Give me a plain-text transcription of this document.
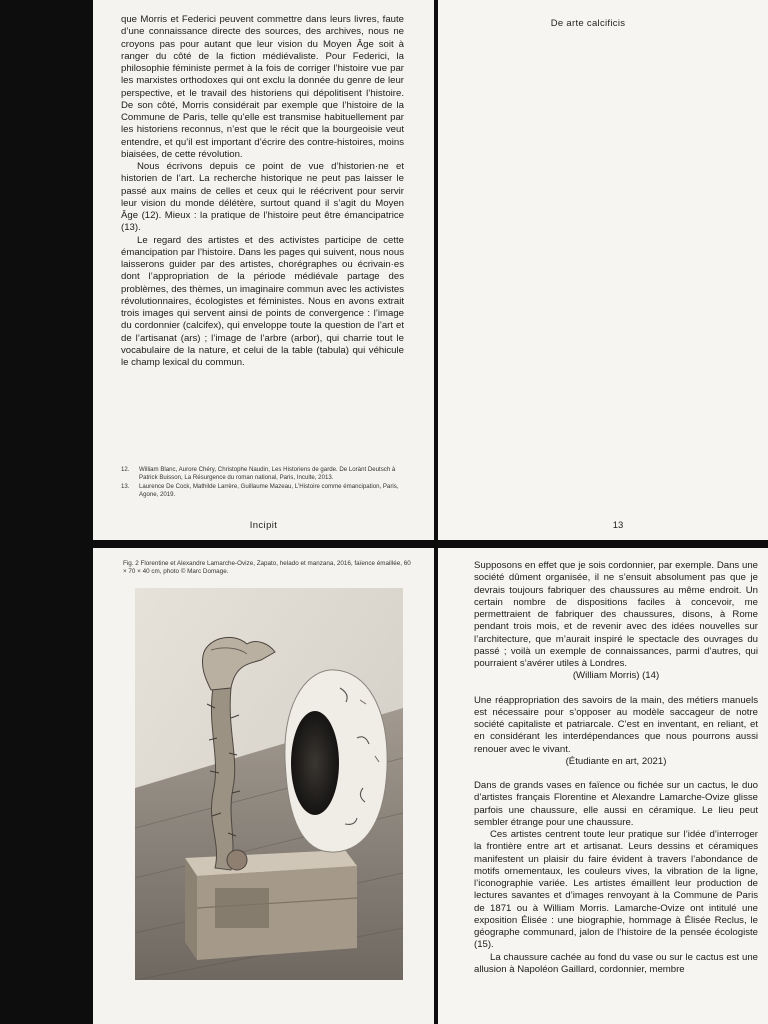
que Morris et Federici peuvent commettre dans leurs livres, faute d’une connaissance directe des sources, des archives, nous ne croyons pas pour autant que leur vision du Moyen Âge soit à ranger du côté de la fiction médiévaliste. Pour Federici, la philosophie féministe permet à la fois de corriger l’histoire vue par les marxistes orthodoxes qui ont exclu la donnée du genre de leur perspective, et le travail des historiens qui dépolitisent l’histoire. De son côté, Morris considérait par exemple que l’histoire de la Commune de Paris, telle qu’elle est transmise habituellement par les historiens reconnus, n’est que le récit que la bourgeoisie veut entendre, et qu’il est important d’écrire des contre-histoires, moins biaisées, de cette révolution.

Nous écrivons depuis ce point de vue d’historien·ne et historien de l’art. La recherche historique ne peut pas laisser le passé aux mains de celles et ceux qui le réécrivent pour servir leur vision du monde délétère, surtout quand il s’agit du Moyen Âge (12). Mieux : la pratique de l’histoire peut être émancipatrice (13).

Le regard des artistes et des activistes participe de cette émancipation par l’histoire. Dans les pages qui suivent, nous nous laisserons guider par des artistes, chorégraphes ou écrivain·es dont l’appropriation de la période médiévale partage des problèmes, des thèmes, un imaginaire commun avec les activistes révolutionnaires, écologistes et féministes. Nous en avons extrait trois images qui servent ainsi de points de convergence : l’image du cordonnier (calcifex), qui enveloppe toute la question de l’art et de l’artisanat (ars) ; l’image de l’arbre (arbor), qui charrie tout le vocabulaire de la nature, et celui de la table (tabula) qui véhicule le champ lexical du commun.

12.	William Blanc, Aurore Chéry, Christophe Naudin, Les Historiens de garde. De Lorànt Deutsch à Patrick Buisson, La Résurgence du roman national, Paris, Inculte, 2013.
13.	Laurence De Cock, Mathilde Larrère, Guillaume Mazeau, L’Histoire comme émancipation, Paris, Agone, 2019.
Incipit
De arte calcificis
13
Fig. 2 Florentine et Alexandre Lamarche-Ovize, Zapato, helado et manzana, 2016, faïence émaillée, 60 × 70 × 40 cm, photo © Marc Domage.

Supposons en effet que je sois cordonnier, par exemple. Dans une société dûment organisée, il ne s’ensuit absolument pas que je devrais toujours fabriquer des chaussures au même endroit. Un certain nombre de dispositions faciles à concevoir, me permettraient de fabriquer des chaussures, disons, à Rome pendant trois mois, et de revenir avec des idées nouvelles sur l’architecture, que m’aurait inspiré le spectacle des ouvrages du passé ; voilà un exemple de connaissances, parmi d’autres, qui pourraient s’avérer utiles à Londres.

(William Morris) (14)

Une réappropriation des savoirs de la main, des métiers manuels est nécessaire pour s’opposer au modèle saccageur de notre société capitaliste et patriarcale. C’est en inventant, en reliant, et en considérant les interdépendances que nous pourrons aussi renouer avec le vivant.

(Étudiante en art, 2021)

Dans de grands vases en faïence ou fichée sur un cactus, le duo d’artistes français Florentine et Alexandre Lamarche-Ovize glisse parfois une chaussure, elle aussi en céramique. Le lieu peut sembler étrange pour une chaussure.

Ces artistes centrent toute leur pratique sur l’idée d’interroger la frontière entre art et artisanat. Leurs dessins et céramiques manifestent un plaisir du faire évident à travers l’abondance de motifs ornementaux, les couleurs vives, la vibration de la ligne, l’iconographie variée. Les artistes émaillent leur production de lectures savantes et d’images renvoyant à la Commune de Paris de 1871 ou à William Morris. Lamarche-Ovize ont intitulé une exposition Élisée : une biographie, hommage à Élisée Reclus, le géographe communard, jalon de l’histoire de la pensée écologiste (15).

La chaussure cachée au fond du vase ou sur le cactus est une allusion à Napoléon Gaillard, cordonnier, membre
